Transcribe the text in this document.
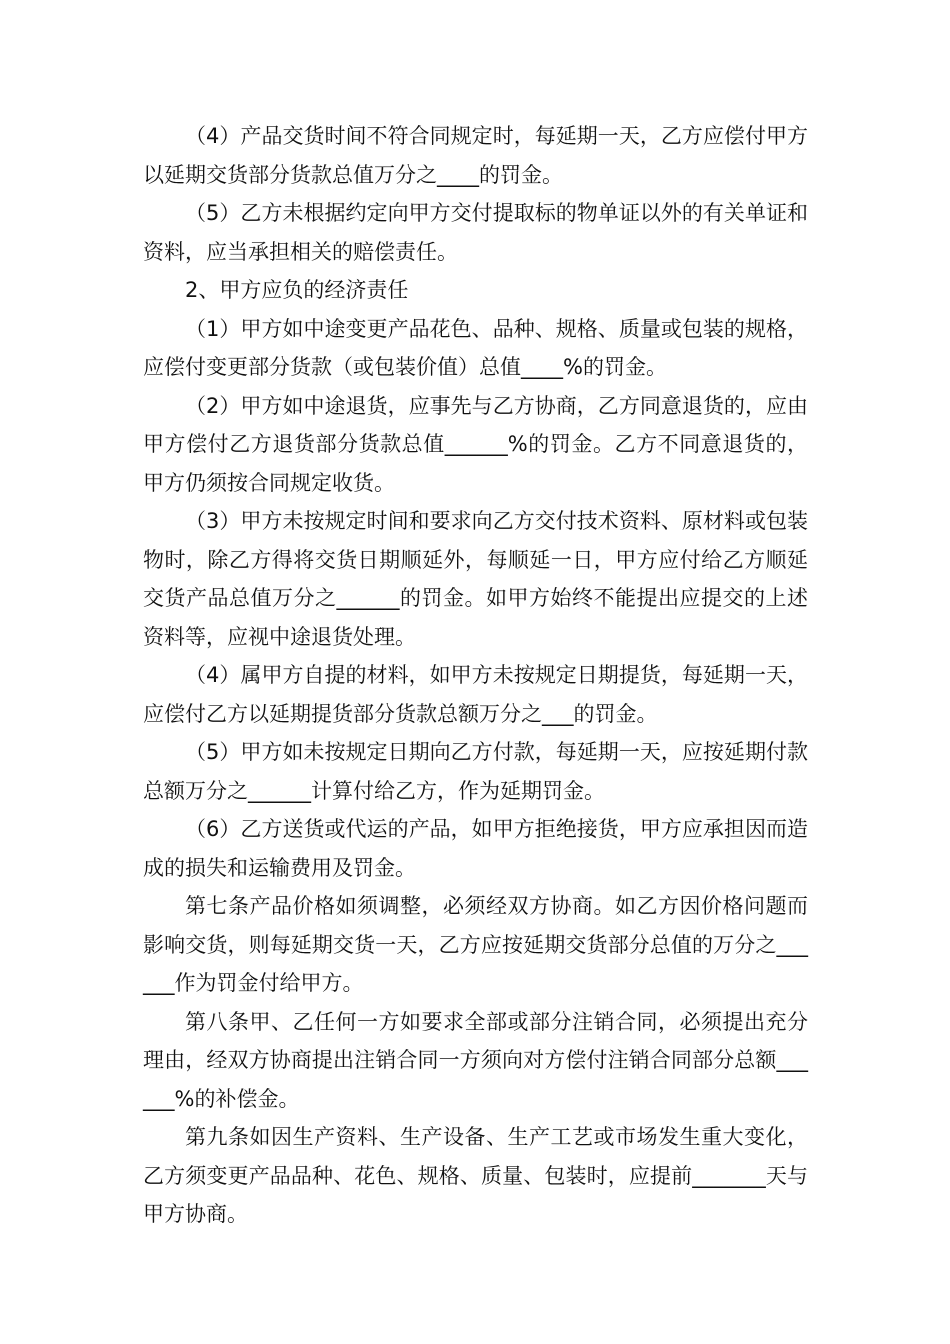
（4）产品交货时间不符合同规定时，每延期一天，乙方应偿付甲方以延期交货部分货款总值万分之____的罚金。

（5）乙方未根据约定向甲方交付提取标的物单证以外的有关单证和资料，应当承担相关的赔偿责任。

2、甲方应负的经济责任

（1）甲方如中途变更产品花色、品种、规格、质量或包装的规格，应偿付变更部分货款（或包装价值）总值____%的罚金。

（2）甲方如中途退货，应事先与乙方协商，乙方同意退货的，应由甲方偿付乙方退货部分货款总值______%的罚金。乙方不同意退货的，甲方仍须按合同规定收货。

（3）甲方未按规定时间和要求向乙方交付技术资料、原材料或包装物时，除乙方得将交货日期顺延外，每顺延一日，甲方应付给乙方顺延交货产品总值万分之______的罚金。如甲方始终不能提出应提交的上述资料等，应视中途退货处理。

（4）属甲方自提的材料，如甲方未按规定日期提货，每延期一天，应偿付乙方以延期提货部分货款总额万分之___的罚金。

（5）甲方如未按规定日期向乙方付款，每延期一天，应按延期付款总额万分之______计算付给乙方，作为延期罚金。

（6）乙方送货或代运的产品，如甲方拒绝接货，甲方应承担因而造成的损失和运输费用及罚金。

第七条产品价格如须调整，必须经双方协商。如乙方因价格问题而影响交货，则每延期交货一天，乙方应按延期交货部分总值的万分之______作为罚金付给甲方。

第八条甲、乙任何一方如要求全部或部分注销合同，必须提出充分理由，经双方协商提出注销合同一方须向对方偿付注销合同部分总额______%的补偿金。

第九条如因生产资料、生产设备、生产工艺或市场发生重大变化，乙方须变更产品品种、花色、规格、质量、包装时，应提前_______天与甲方协商。
